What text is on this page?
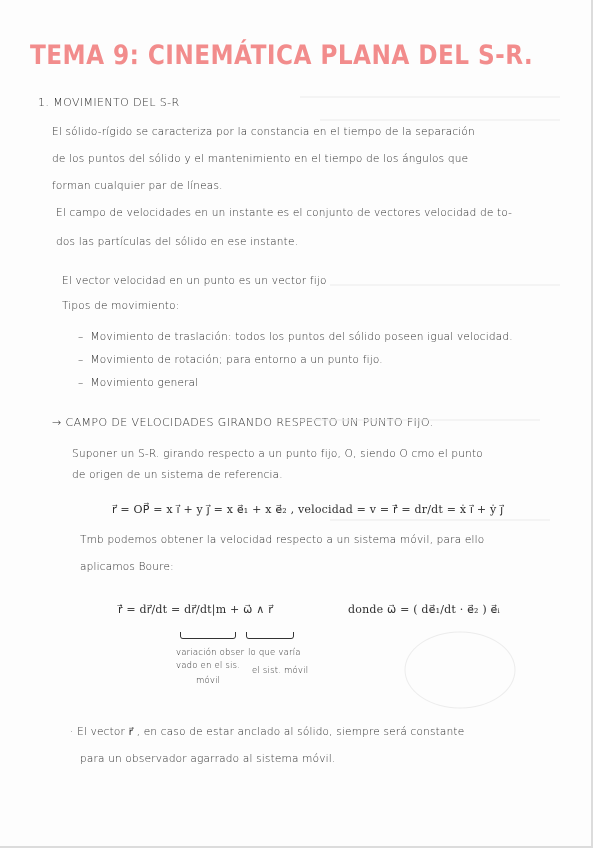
TEMA 9: CINEMÁTICA PLANA DEL S-R.
1. MOVIMIENTO DEL S-R
El sólido-rígido se caracteriza por la constancia en el tiempo de la separación
de los puntos del sólido y el mantenimiento en el tiempo de los ángulos que
forman cualquier par de líneas.
El campo de velocidades en un instante es el conjunto de vectores velocidad de to-
dos las partículas del sólido en ese instante.
El vector velocidad en un punto es un vector fijo
Tipos de movimiento:
–  Movimiento de traslación: todos los puntos del sólido poseen igual velocidad.
–  Movimiento de rotación; para entorno a un punto fijo.
–  Movimiento general
→ CAMPO DE VELOCIDADES GIRANDO RESPECTO UN PUNTO FIJO.
Suponer un S-R. girando respecto a un punto fijo, O, siendo O cmo el punto
de origen de un sistema de referencia.
r⃗ = OP⃗ = x i⃗ + y j⃗ = x e⃗₁ + x e⃗₂ , velocidad = v = ṙ⃗ = dr/dt = ẋ i⃗ + ẏ j⃗
Tmb podemos obtener la velocidad respecto a un sistema móvil, para ello
aplicamos Boure:
ṙ⃗ = dr⃗/dt = dr⃗/dt|m + ω⃗ ∧ r⃗	donde ω⃗ = ( de⃗₁/dt · e⃗₂ ) e⃗ᵢ
variación obser
vado en el sis.
móvil
lo que varía
el sist. móvil
· El vector r⃗ , en caso de estar anclado al sólido, siempre será constante
para un observador agarrado al sistema móvil.
